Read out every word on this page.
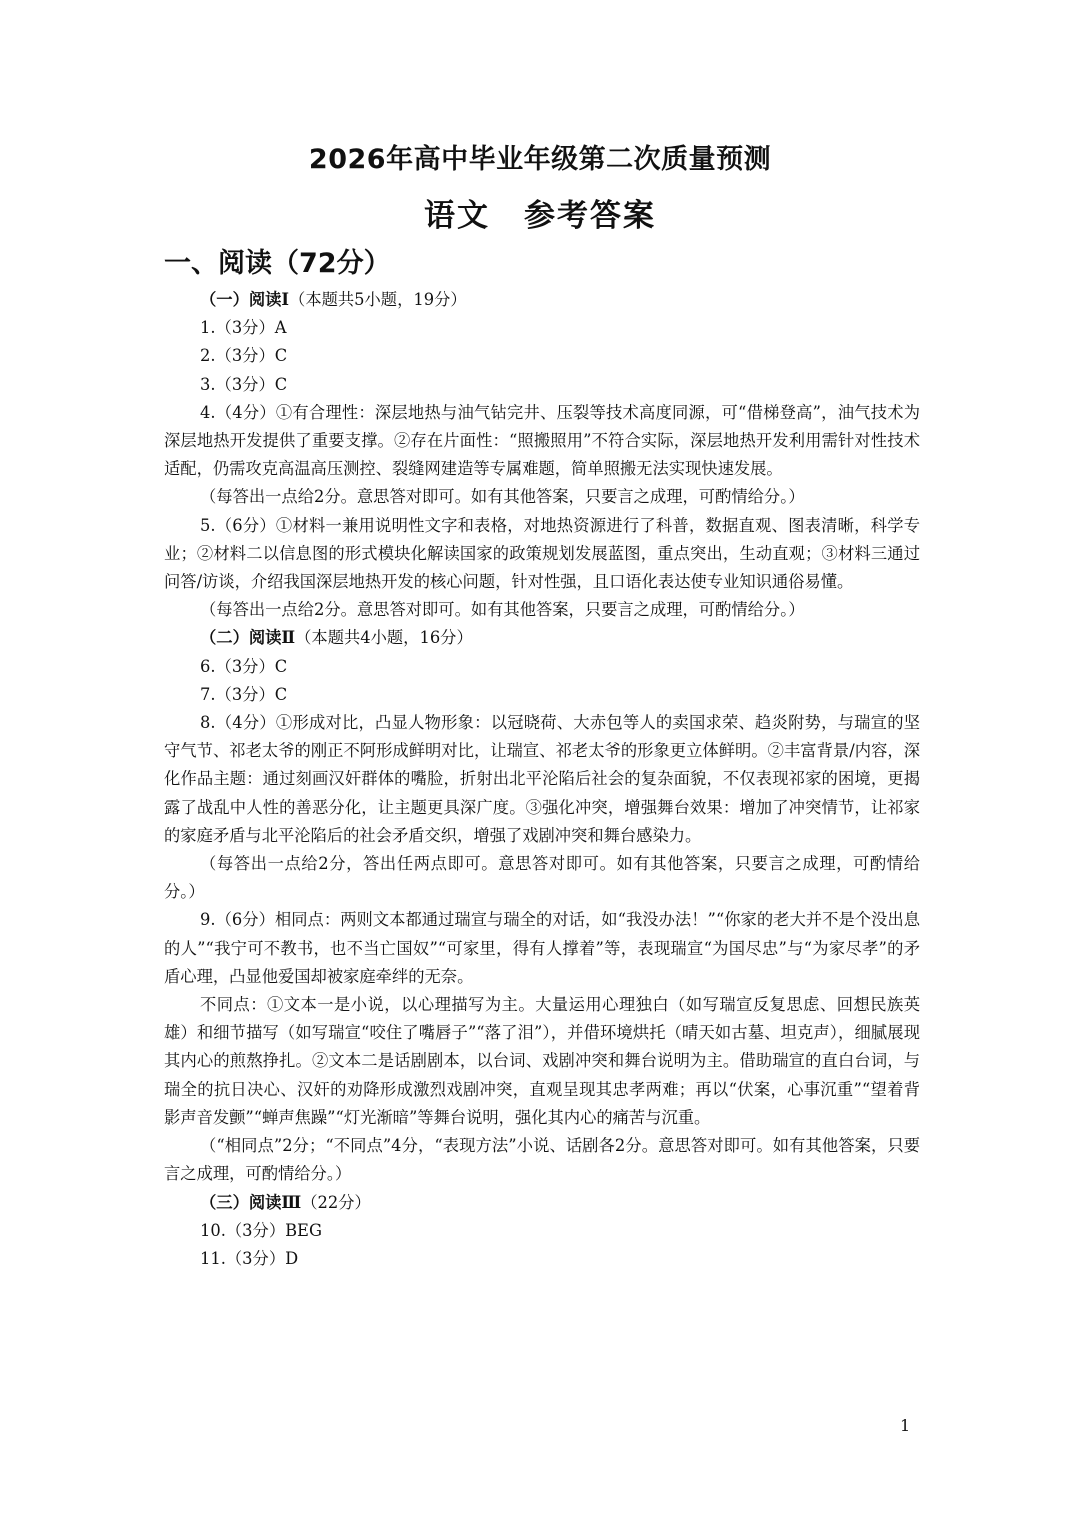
2026年高中毕业年级第二次质量预测
语文 参考答案
一、阅读（72分）

（一）阅读Ⅰ（本题共5小题，19分）

1.（3分）A

2.（3分）C

3.（3分）C

4.（4分）①有合理性：深层地热与油气钻完井、压裂等技术高度同源，可“借梯登高”，油气技术为深层地热开发提供了重要支撑。②存在片面性：“照搬照用”不符合实际，深层地热开发利用需针对性技术适配，仍需攻克高温高压测控、裂缝网建造等专属难题，简单照搬无法实现快速发展。

（每答出一点给2分。意思答对即可。如有其他答案，只要言之成理，可酌情给分。）

5.（6分）①材料一兼用说明性文字和表格，对地热资源进行了科普，数据直观、图表清晰，科学专业；②材料二以信息图的形式模块化解读国家的政策规划发展蓝图，重点突出，生动直观；③材料三通过问答/访谈，介绍我国深层地热开发的核心问题，针对性强，且口语化表达使专业知识通俗易懂。

（每答出一点给2分。意思答对即可。如有其他答案，只要言之成理，可酌情给分。）

（二）阅读Ⅱ（本题共4小题，16分）

6.（3分）C

7.（3分）C

8.（4分）①形成对比，凸显人物形象：以冠晓荷、大赤包等人的卖国求荣、趋炎附势，与瑞宣的坚守气节、祁老太爷的刚正不阿形成鲜明对比，让瑞宣、祁老太爷的形象更立体鲜明。②丰富背景/内容，深化作品主题：通过刻画汉奸群体的嘴脸，折射出北平沦陷后社会的复杂面貌，不仅表现祁家的困境，更揭露了战乱中人性的善恶分化，让主题更具深广度。③强化冲突，增强舞台效果：增加了冲突情节，让祁家的家庭矛盾与北平沦陷后的社会矛盾交织，增强了戏剧冲突和舞台感染力。

（每答出一点给2分，答出任两点即可。意思答对即可。如有其他答案，只要言之成理，可酌情给分。）

9.（6分）相同点：两则文本都通过瑞宣与瑞全的对话，如“我没办法！”“你家的老大并不是个没出息的人”“我宁可不教书，也不当亡国奴”“可家里，得有人撑着”等，表现瑞宣“为国尽忠”与“为家尽孝”的矛盾心理，凸显他爱国却被家庭牵绊的无奈。

不同点：①文本一是小说，以心理描写为主。大量运用心理独白（如写瑞宣反复思虑、回想民族英雄）和细节描写（如写瑞宣“咬住了嘴唇子”“落了泪”），并借环境烘托（晴天如古墓、坦克声），细腻展现其内心的煎熬挣扎。②文本二是话剧剧本，以台词、戏剧冲突和舞台说明为主。借助瑞宣的直白台词，与瑞全的抗日决心、汉奸的劝降形成激烈戏剧冲突，直观呈现其忠孝两难；再以“伏案，心事沉重”“望着背影声音发颤”“蝉声焦躁”“灯光渐暗”等舞台说明，强化其内心的痛苦与沉重。

（“相同点”2分；“不同点”4分，“表现方法”小说、话剧各2分。意思答对即可。如有其他答案，只要言之成理，可酌情给分。）

（三）阅读Ⅲ（22分）

10.（3分）BEG

11.（3分）D

1
